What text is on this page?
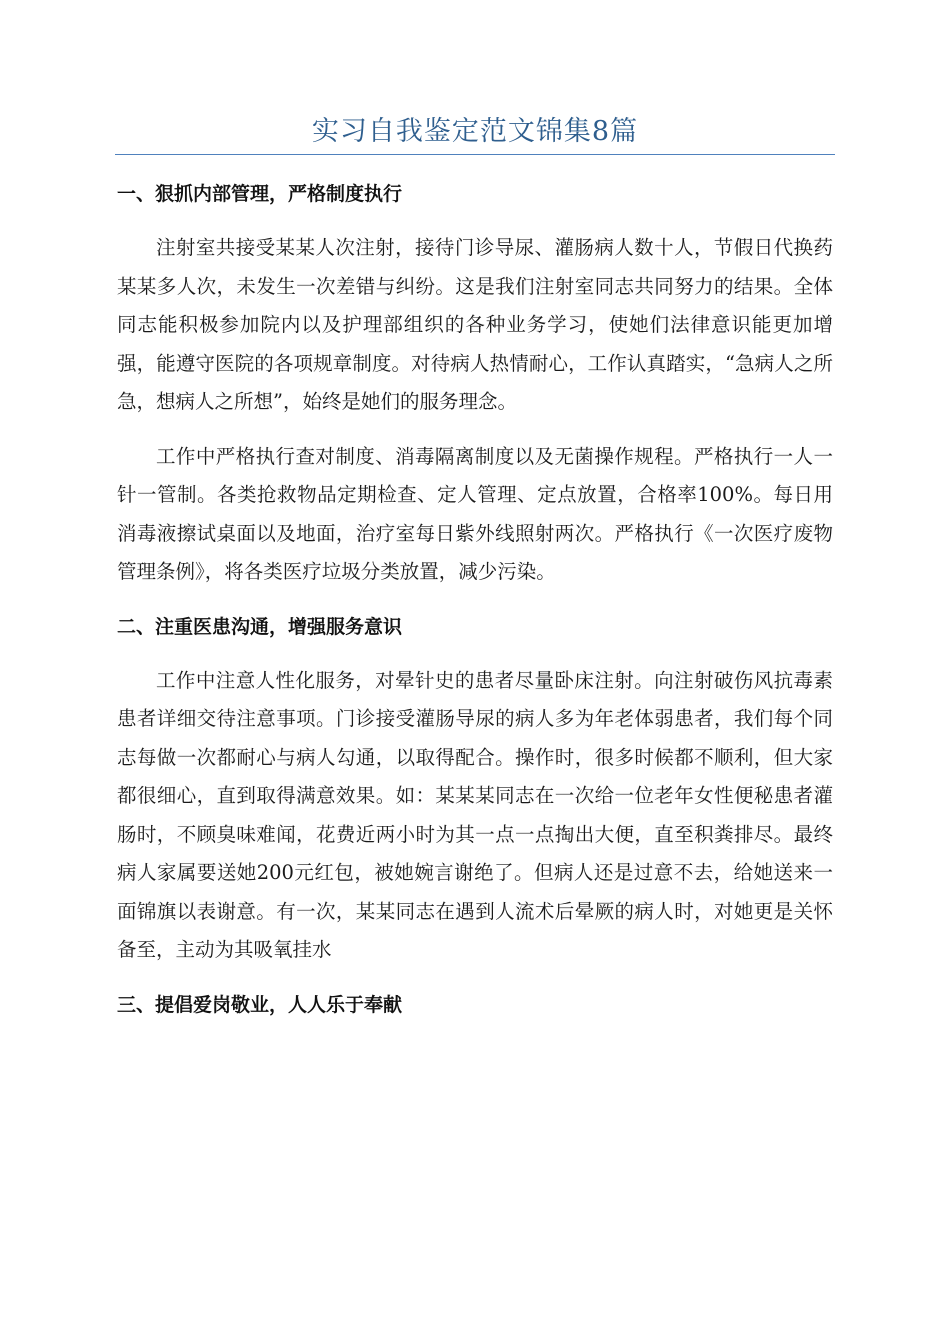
实习自我鉴定范文锦集8篇
一、狠抓内部管理，严格制度执行

注射室共接受某某人次注射，接待门诊导尿、灌肠病人数十人，节假日代换药某某多人次，未发生一次差错与纠纷。这是我们注射室同志共同努力的结果。全体同志能积极参加院内以及护理部组织的各种业务学习，使她们法律意识能更加增强，能遵守医院的各项规章制度。对待病人热情耐心，工作认真踏实，“急病人之所急，想病人之所想”，始终是她们的服务理念。

工作中严格执行查对制度、消毒隔离制度以及无菌操作规程。严格执行一人一针一管制。各类抢救物品定期检查、定人管理、定点放置，合格率100%。每日用消毒液擦试桌面以及地面，治疗室每日紫外线照射两次。严格执行《一次医疗废物管理条例》，将各类医疗垃圾分类放置，减少污染。

二、注重医患沟通，增强服务意识

工作中注意人性化服务，对晕针史的患者尽量卧床注射。向注射破伤风抗毒素患者详细交待注意事项。门诊接受灌肠导尿的病人多为年老体弱患者，我们每个同志每做一次都耐心与病人勾通，以取得配合。操作时，很多时候都不顺利，但大家都很细心，直到取得满意效果。如：某某某同志在一次给一位老年女性便秘患者灌肠时，不顾臭味难闻，花费近两小时为其一点一点掏出大便，直至积粪排尽。最终病人家属要送她200元红包，被她婉言谢绝了。但病人还是过意不去，给她送来一面锦旗以表谢意。有一次，某某同志在遇到人流术后晕厥的病人时，对她更是关怀备至，主动为其吸氧挂水

三、提倡爱岗敬业，人人乐于奉献
